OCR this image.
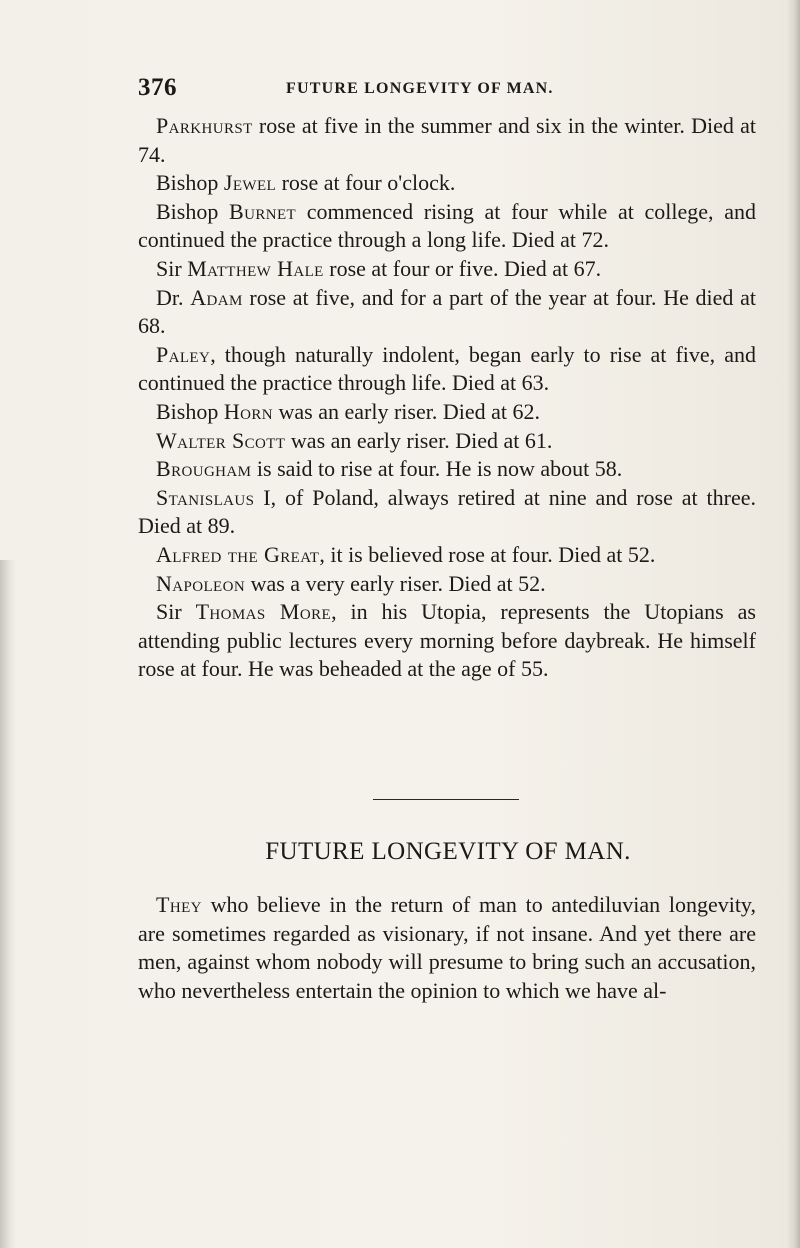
376	FUTURE LONGEVITY OF MAN.

Parkhurst rose at five in the summer and six in the winter. Died at 74.

Bishop Jewel rose at four o'clock.

Bishop Burnet commenced rising at four while at college, and continued the practice through a long life. Died at 72.

Sir Matthew Hale rose at four or five. Died at 67.

Dr. Adam rose at five, and for a part of the year at four. He died at 68.

Paley, though naturally indolent, began early to rise at five, and continued the practice through life. Died at 63.

Bishop Horn was an early riser. Died at 62.

Walter Scott was an early riser. Died at 61.

Brougham is said to rise at four. He is now about 58.

Stanislaus I, of Poland, always retired at nine and rose at three. Died at 89.

Alfred the Great, it is believed rose at four. Died at 52.

Napoleon was a very early riser. Died at 52.

Sir Thomas More, in his Utopia, represents the Utopians as attending public lectures every morning before daybreak. He himself rose at four. He was beheaded at the age of 55.

FUTURE LONGEVITY OF MAN.

They who believe in the return of man to antediluvian longevity, are sometimes regarded as visionary, if not insane. And yet there are men, against whom nobody will presume to bring such an accusation, who nevertheless entertain the opinion to which we have al-
